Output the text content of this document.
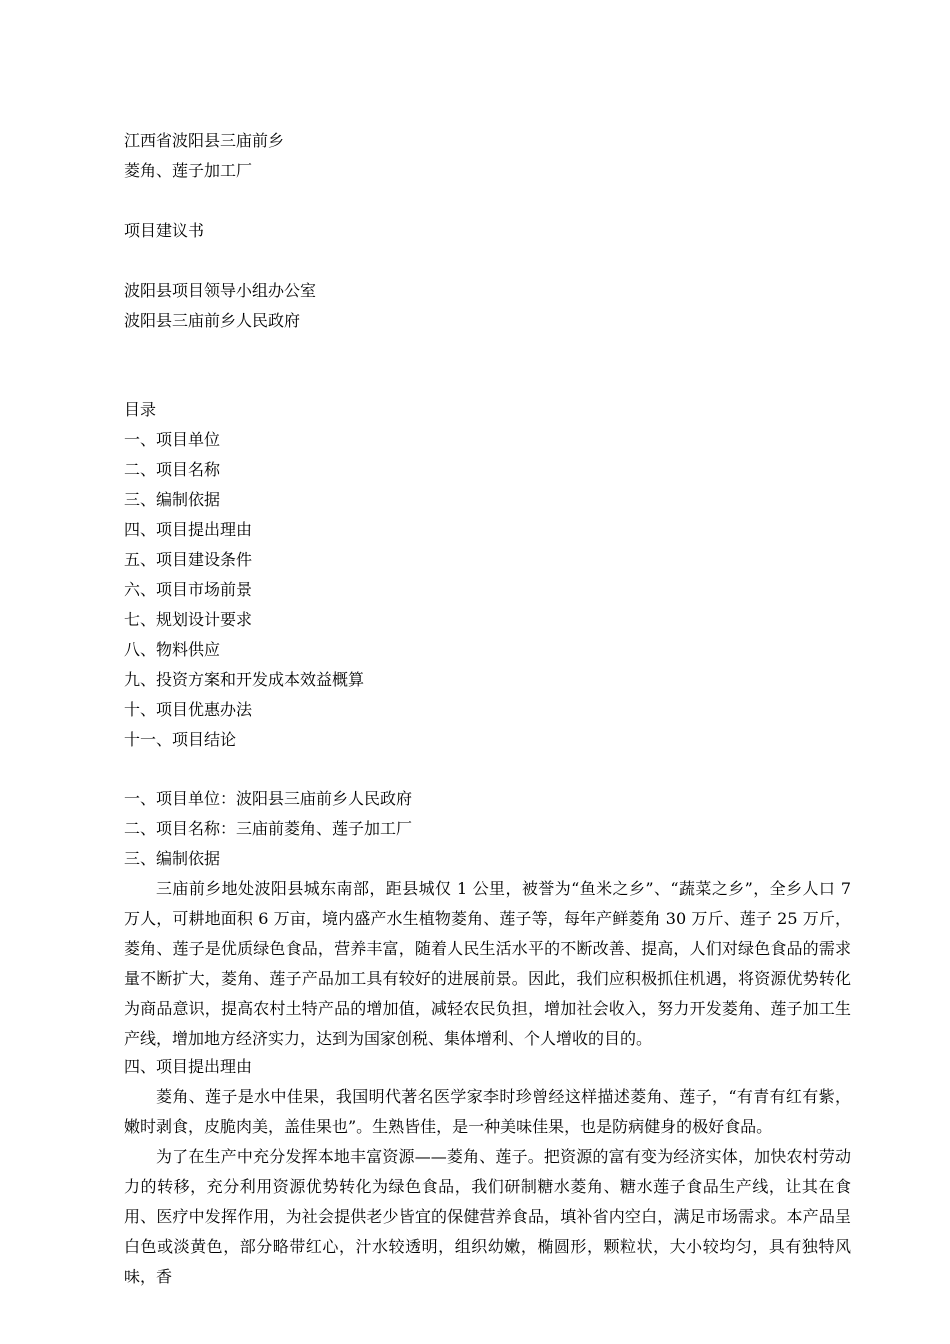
江西省波阳县三庙前乡
菱角、莲子加工厂
项目建议书
波阳县项目领导小组办公室
波阳县三庙前乡人民政府
目录
一、项目单位
二、项目名称
三、编制依据
四、项目提出理由
五、项目建设条件
六、项目市场前景
七、规划设计要求
八、物料供应
九、投资方案和开发成本效益概算
十、项目优惠办法
十一、项目结论
一、项目单位：波阳县三庙前乡人民政府
二、项目名称：三庙前菱角、莲子加工厂
三、编制依据

三庙前乡地处波阳县城东南部，距县城仅 1 公里，被誉为“鱼米之乡”、“蔬菜之乡”，全乡人口 7 万人，可耕地面积 6 万亩，境内盛产水生植物菱角、莲子等，每年产鲜菱角 30 万斤、莲子 25 万斤，菱角、莲子是优质绿色食品，营养丰富，随着人民生活水平的不断改善、提高，人们对绿色食品的需求量不断扩大，菱角、莲子产品加工具有较好的进展前景。因此，我们应积极抓住机遇，将资源优势转化为商品意识，提高农村土特产品的增加值，减轻农民负担，增加社会收入，努力开发菱角、莲子加工生产线，增加地方经济实力，达到为国家创税、集体增利、个人增收的目的。

四、项目提出理由

菱角、莲子是水中佳果，我国明代著名医学家李时珍曾经这样描述菱角、莲子，“有青有红有紫，嫩时剥食，皮脆肉美，盖佳果也”。生熟皆佳，是一种美味佳果，也是防病健身的极好食品。

为了在生产中充分发挥本地丰富资源——菱角、莲子。把资源的富有变为经济实体，加快农村劳动力的转移，充分利用资源优势转化为绿色食品，我们研制糖水菱角、糖水莲子食品生产线，让其在食用、医疗中发挥作用，为社会提供老少皆宜的保健营养食品，填补省内空白，满足市场需求。本产品呈白色或淡黄色，部分略带红心，汁水较透明，组织幼嫩，椭圆形，颗粒状，大小较均匀，具有独特风味，香
